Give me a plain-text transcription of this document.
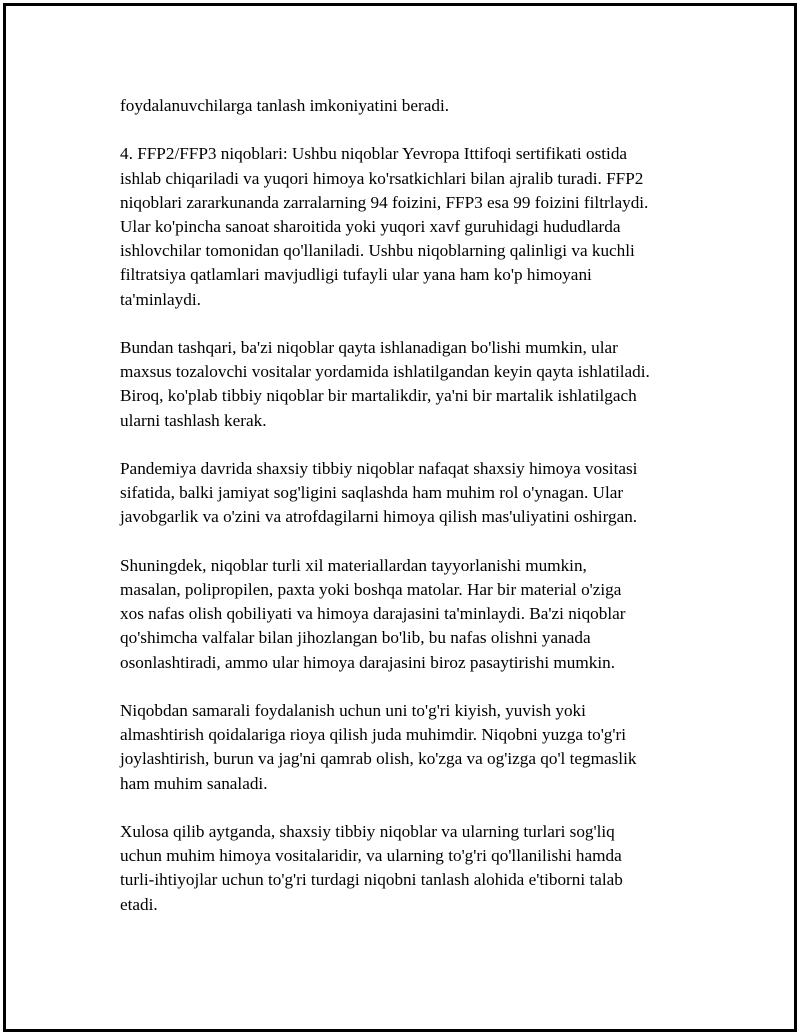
foydalanuvchilarga tanlash imkoniyatini beradi.

4. FFP2/FFP3 niqoblari: Ushbu niqoblar Yevropa Ittifoqi sertifikati ostida
ishlab chiqariladi va yuqori himoya ko'rsatkichlari bilan ajralib turadi. FFP2
niqoblari zararkunanda zarralarning 94 foizini, FFP3 esa 99 foizini filtrlaydi.
Ular ko'pincha sanoat sharoitida yoki yuqori xavf guruhidagi hududlarda
ishlovchilar tomonidan qo'llaniladi. Ushbu niqoblarning qalinligi va kuchli
filtratsiya qatlamlari mavjudligi tufayli ular yana ham ko'p himoyani
ta'minlaydi.

Bundan tashqari, ba'zi niqoblar qayta ishlanadigan bo'lishi mumkin, ular
maxsus tozalovchi vositalar yordamida ishlatilgandan keyin qayta ishlatiladi.
Biroq, ko'plab tibbiy niqoblar bir martalikdir, ya'ni bir martalik ishlatilgach
ularni tashlash kerak.

Pandemiya davrida shaxsiy tibbiy niqoblar nafaqat shaxsiy himoya vositasi
sifatida, balki jamiyat sog'ligini saqlashda ham muhim rol o'ynagan. Ular
javobgarlik va o'zini va atrofdagilarni himoya qilish mas'uliyatini oshirgan.

Shuningdek, niqoblar turli xil materiallardan tayyorlanishi mumkin,
masalan, polipropilen, paxta yoki boshqa matolar. Har bir material o'ziga
xos nafas olish qobiliyati va himoya darajasini ta'minlaydi. Ba'zi niqoblar
qo'shimcha valfalar bilan jihozlangan bo'lib, bu nafas olishni yanada
osonlashtiradi, ammo ular himoya darajasini biroz pasaytirishi mumkin.

Niqobdan samarali foydalanish uchun uni to'g'ri kiyish, yuvish yoki
almashtirish qoidalariga rioya qilish juda muhimdir. Niqobni yuzga to'g'ri
joylashtirish, burun va jag'ni qamrab olish, ko'zga va og'izga qo'l tegmaslik
ham muhim sanaladi.

Xulosa qilib aytganda, shaxsiy tibbiy niqoblar va ularning turlari sog'liq
uchun muhim himoya vositalaridir, va ularning to'g'ri qo'llanilishi hamda
turli-ihtiyojlar uchun to'g'ri turdagi niqobni tanlash alohida e'tiborni talab
etadi.
